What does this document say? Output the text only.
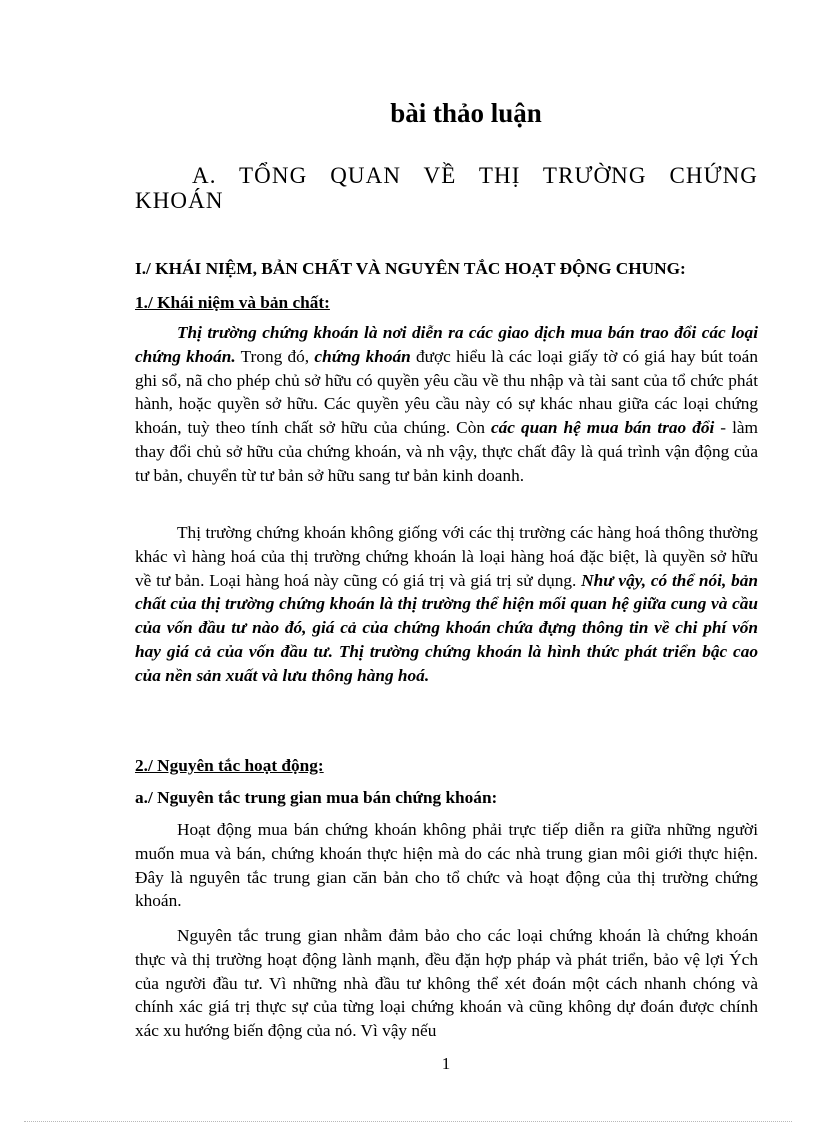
bài thảo luận
A. TỔNG QUAN VỀ THỊ TRƯỜNG CHỨNG KHOÁN
I./ KHÁI NIỆM, BẢN CHẤT VÀ NGUYÊN TẮC HOẠT ĐỘNG CHUNG:
1./ Khái niệm và bản chất:

Thị trường chứng khoán là nơi diễn ra các giao dịch mua bán trao đổi các loại chứng khoán. Trong đó, chứng khoán được hiểu là các loại giấy tờ có giá hay bút toán ghi sổ, nã cho phép chủ sở hữu có quyền yêu cầu về thu nhập và tài sant của tổ chức phát hành, hoặc quyền sở hữu. Các quyền yêu cầu này có sự khác nhau giữa các loại chứng khoán, tuỳ theo tính chất sở hữu của chúng. Còn các quan hệ mua bán trao đổi - làm thay đổi chủ sở hữu của chứng khoán, và nh vậy, thực chất đây là quá trình vận động của tư bản, chuyển từ tư bản sở hữu sang tư bản kinh doanh.

Thị trường chứng khoán không giống với các thị trường các hàng hoá thông thường khác vì hàng hoá của thị trường chứng khoán là loại hàng hoá đặc biệt, là quyền sở hữu về tư bản. Loại hàng hoá này cũng có giá trị và giá trị sử dụng. Như vậy, có thể nói, bản chất của thị trường chứng khoán là thị trường thể hiện mối quan hệ giữa cung và cầu của vốn đầu tư nào đó, giá cả của chứng khoán chứa đựng thông tin về chi phí vốn hay giá cả của vốn đầu tư. Thị trường chứng khoán là hình thức phát triển bậc cao của nền sản xuất và lưu thông hàng hoá.

2./ Nguyên tắc hoạt động:
a./ Nguyên tắc trung gian mua bán chứng khoán:

Hoạt động mua bán chứng khoán không phải trực tiếp diễn ra giữa những người muốn mua và bán, chứng khoán thực hiện mà do các nhà trung gian môi giới thực hiện. Đây là nguyên tắc trung gian căn bản cho tổ chức và hoạt động của thị trường chứng khoán.

Nguyên tắc trung gian nhằm đảm bảo cho các loại chứng khoán là chứng khoán thực và thị trường hoạt động lành mạnh, đều đặn hợp pháp và phát triển, bảo vệ lợi Ých của người đầu tư. Vì những nhà đầu tư không thể xét đoán một cách nhanh chóng và chính xác giá trị thực sự của từng loại chứng khoán và cũng không dự đoán được chính xác xu hướng biến động của nó. Vì vậy nếu

1
